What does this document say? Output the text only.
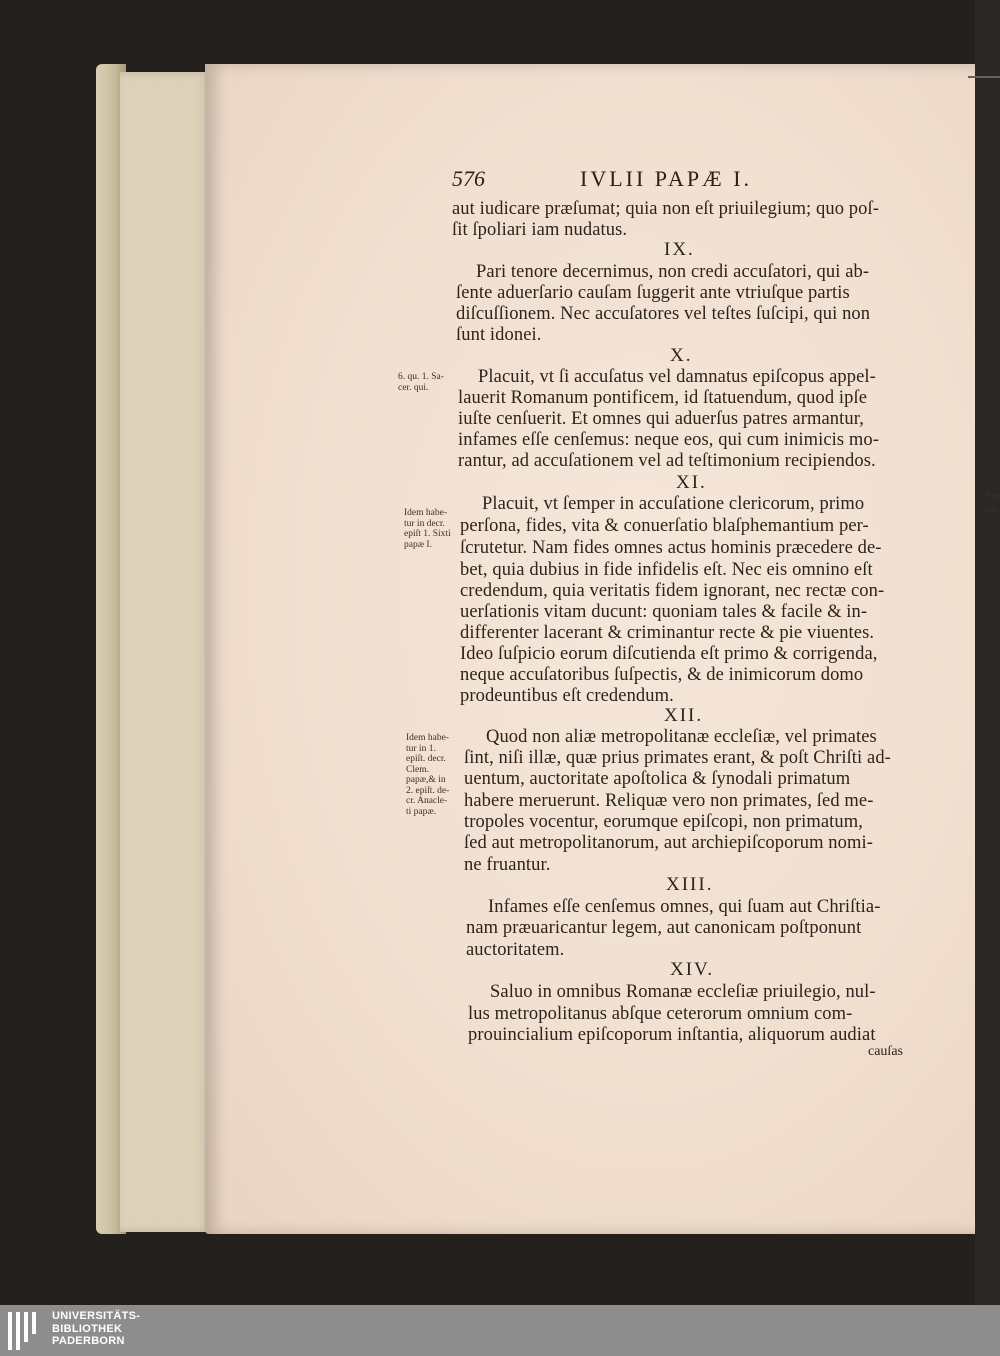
*ro
co
576	IVLII PAPÆ I.
aut iudicare præſumat; quia non eſt priuilegium; quo poſ-
ſit ſpoliari iam nudatus.
IX.
Pari tenore decernimus, non credi accuſatori, qui ab-
ſente aduerſario cauſam ſuggerit ante vtriuſque partis
diſcuſſionem. Nec accuſatores vel teſtes ſuſcipi, qui non
ſunt idonei.
X.
Placuit, vt ſi accuſatus vel damnatus epiſcopus appel-
lauerit Romanum pontificem, id ſtatuendum, quod ipſe
iuſte cenſuerit. Et omnes qui aduerſus patres armantur,
infames eſſe cenſemus: neque eos, qui cum inimicis mo-
rantur, ad accuſationem vel ad teſtimonium recipiendos.
XI.
Placuit, vt ſemper in accuſatione clericorum, primo
perſona, fides, vita & conuerſatio blaſphemantium per-
ſcrutetur. Nam fides omnes actus hominis præcedere de-
bet, quia dubius in fide infidelis eſt. Nec eis omnino eſt
credendum, quia veritatis fidem ignorant, nec rectæ con-
uerſationis vitam ducunt: quoniam tales & facile & in-
differenter lacerant & criminantur recte & pie viuentes.
Ideo ſuſpicio eorum diſcutienda eſt primo & corrigenda,
neque accuſatoribus ſuſpectis, & de inimicorum domo
prodeuntibus eſt credendum.
XII.
Quod non aliæ metropolitanæ eccleſiæ, vel primates
ſint, niſi illæ, quæ prius primates erant, & poſt Chriſti ad-
uentum, auctoritate apoſtolica & ſynodali primatum
habere meruerunt. Reliquæ vero non primates, ſed me-
tropoles vocentur, eorumque epiſcopi, non primatum,
ſed aut metropolitanorum, aut archiepiſcoporum nomi-
ne fruantur.
XIII.
Infames eſſe cenſemus omnes, qui ſuam aut Chriſtia-
nam præuaricantur legem, aut canonicam poſtponunt
auctoritatem.
XIV.
Saluo in omnibus Romanæ eccleſiæ priuilegio, nul-
lus metropolitanus abſque ceterorum omnium com-
prouincialium epiſcoporum inſtantia, aliquorum audiat
cauſas
6. qu. 1. Sa-
cer. qui.
Idem habe-
tur in decr.
epiſt 1. Sixti
papæ I.
Idem habe-
tur in 1.
epiſt. decr.
Clem.
papæ,& in
2. epiſt. de-
cr. Anacle-
ti papæ.
UNIVERSITÄTS-
BIBLIOTHEK
PADERBORN
